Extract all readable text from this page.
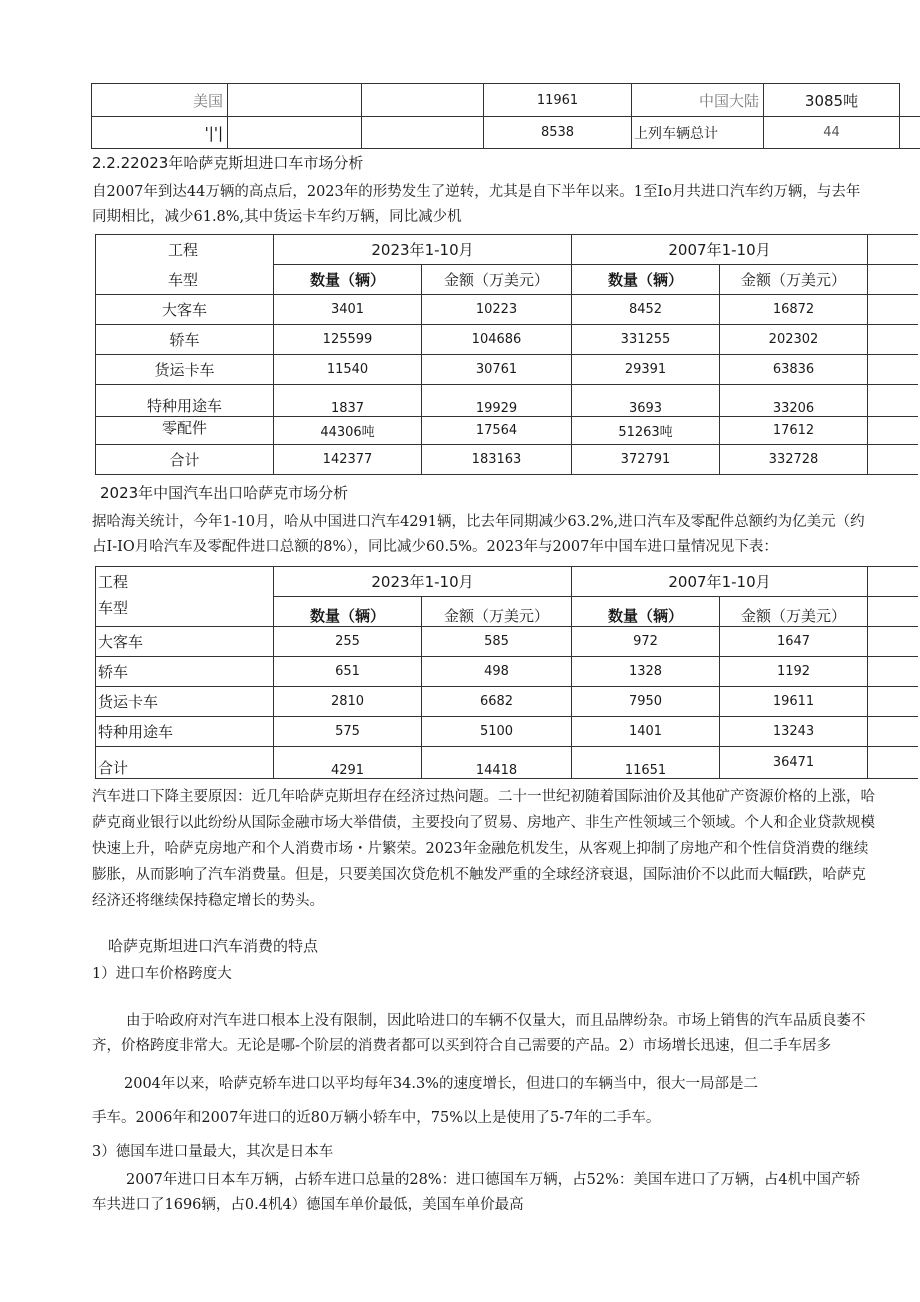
美国			11961	中国大陆	3085吨	
'|'|			8538	上列车辆总计	44	
2.2.22023年哈萨克斯坦进口车市场分析
自2007年到达44万辆的高点后，2023年的形势发生了逆转，尤其是自下半年以来。1至Io月共进口汽车约万辆，与去年
同期相比，减少61.8%,其中货运卡车约万辆，同比减少机
工程	2023年1-10月		2007年1-10月		
车型	数量（辆）	金额（万美元）	数量（辆）	金额（万美元）	
大客车	3401	10223	8452	16872	
轿车	125599	104686	331255	202302	
货运卡车	11540	30761	29391	63836	
特种用途车	1837	19929	3693	33206	
零配件	44306吨	17564	51263吨	17612	
合计	142377	183163	372791	332728	
2023年中国汽车出口哈萨克市场分析
据哈海关统计，今年1-10月，哈从中国进口汽车4291辆，比去年同期减少63.2%,进口汽车及零配件总额约为亿美元（约
占I-IO月哈汽车及零配件进口总额的8%），同比减少60.5%。2023年与2007年中国车进口量情况见下表：
工程	2023年1-10月		2007年1-10月		
车型	数量（辆）	金额（万美元）	数量（辆）	金额（万美元）	
大客车	255	585	972	1647	
轿车	651	498	1328	1192	
货运卡车	2810	6682	7950	19611	
特种用途车	575	5100	1401	13243	
合计	4291	14418	11651	36471	
汽车进口下降主要原因：近几年哈萨克斯坦存在经济过热问题。二十一世纪初随着国际油价及其他矿产资源价格的上涨，哈
萨克商业银行以此纷纷从国际金融市场大举借债，主要投向了贸易、房地产、非生产性领域三个领域。个人和企业贷款规模
快速上升，哈萨克房地产和个人消费市场・片繁荣。2023年金融危机发生，从客观上抑制了房地产和个性信贷消费的继续
膨胀，从而影响了汽车消费量。但是，只要美国次贷危机不触发严重的全球经济衰退，国际油价不以此而大幅f跌，哈萨克
经济还将继续保持稳定增长的势头。
哈萨克斯坦进口汽车消费的特点
1）进口车价格跨度大
由于哈政府对汽车进口根本上没有限制，因此哈进口的车辆不仅量大，而且品牌纷杂。市场上销售的汽车品质良萎不
齐，价格跨度非常大。无论是哪-个阶层的消费者都可以买到符合自己需要的产品。2）市场增长迅速，但二手车居多
2004年以来，哈萨克轿车进口以平均每年34.3%的速度增长，但进口的车辆当中，很大一局部是二
手车。2006年和2007年进口的近80万辆小轿车中，75%以上是使用了5-7年的二手车。
3）德国车进口量最大，其次是日本车
2007年进口日本车万辆，占轿车进口总量的28%：进口德国车万辆，占52%：美国车进口了万辆，占4机中国产轿
车共进口了1696辆，占0.4机4）德国车单价最低，美国车单价最高
